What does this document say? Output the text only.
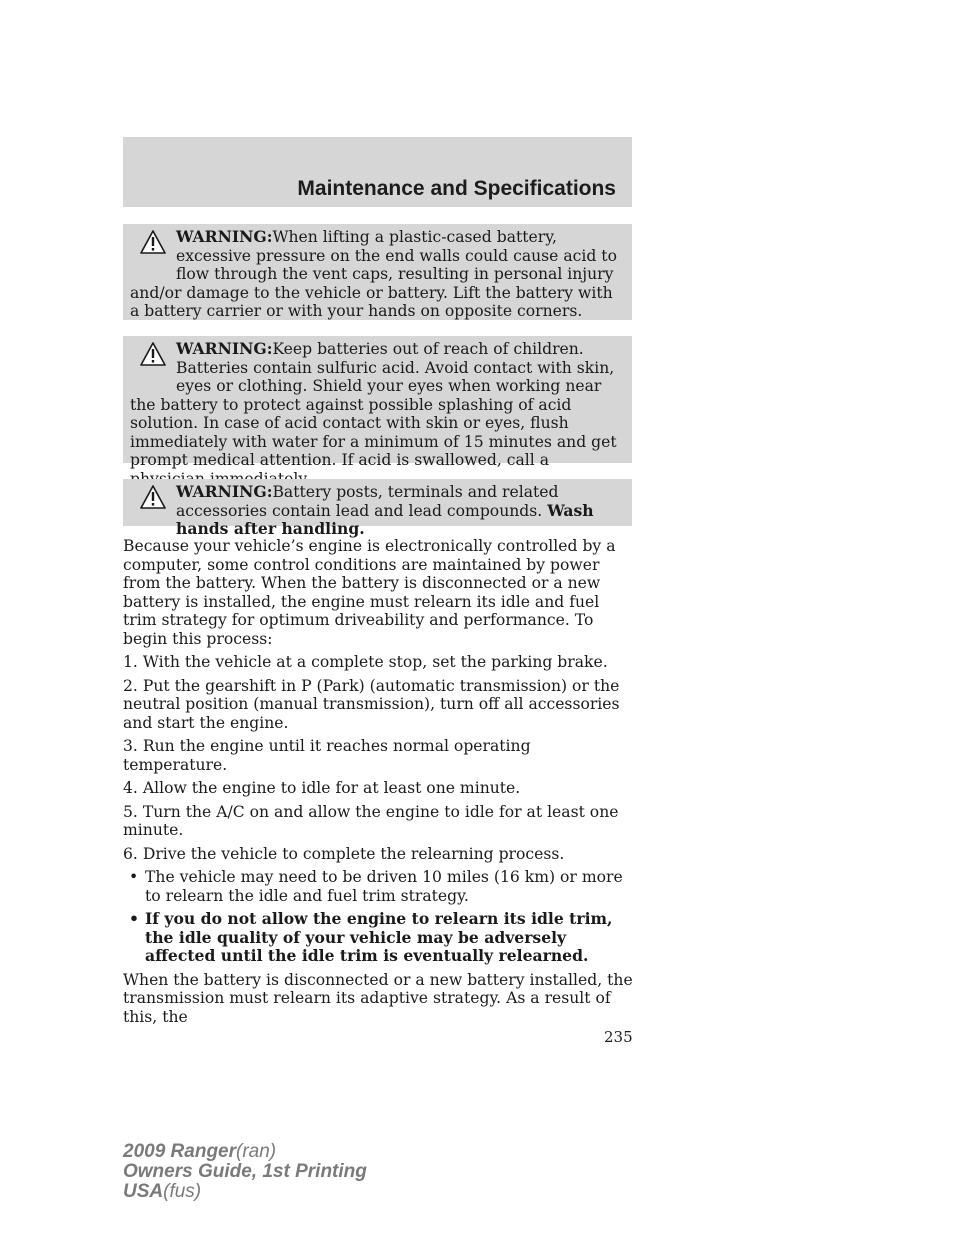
Maintenance and Specifications
WARNING:When lifting a plastic-cased battery, excessive pressure on the end walls could cause acid to flow through the vent caps, resulting in personal injury and/or damage to the vehicle or battery. Lift the battery with a battery carrier or with your hands on opposite corners.
WARNING:Keep batteries out of reach of children. Batteries contain sulfuric acid. Avoid contact with skin, eyes or clothing. Shield your eyes when working near the battery to protect against possible splashing of acid solution. In case of acid contact with skin or eyes, flush immediately with water for a minimum of 15 minutes and get prompt medical attention. If acid is swallowed, call a
WARNING:Battery posts, terminals and related accessories contain lead and lead compounds. Wash hands after handling.

Because your vehicle’s engine is electronically controlled by a computer, some control conditions are maintained by power from the battery. When the battery is disconnected or a new battery is installed, the engine must relearn its idle and fuel trim strategy for optimum driveability and performance. To begin this process:

1. With the vehicle at a complete stop, set the parking brake.

2. Put the gearshift in P (Park) (automatic transmission) or the neutral position (manual transmission), turn off all accessories and start the engine.

3. Run the engine until it reaches normal operating temperature.

4. Allow the engine to idle for at least one minute.

5. Turn the A/C on and allow the engine to idle for at least one minute.

6. Drive the vehicle to complete the relearning process.

• The vehicle may need to be driven 10 miles (16 km) or more to relearn the idle and fuel trim strategy.
• If you do not allow the engine to relearn its idle trim, the idle quality of your vehicle may be adversely affected until the idle trim is eventually relearned.

When the battery is disconnected or a new battery installed, the transmission must relearn its adaptive strategy. As a result of this, the

235
2009 Ranger(ran)
Owners Guide, 1st Printing
USA(fus)
